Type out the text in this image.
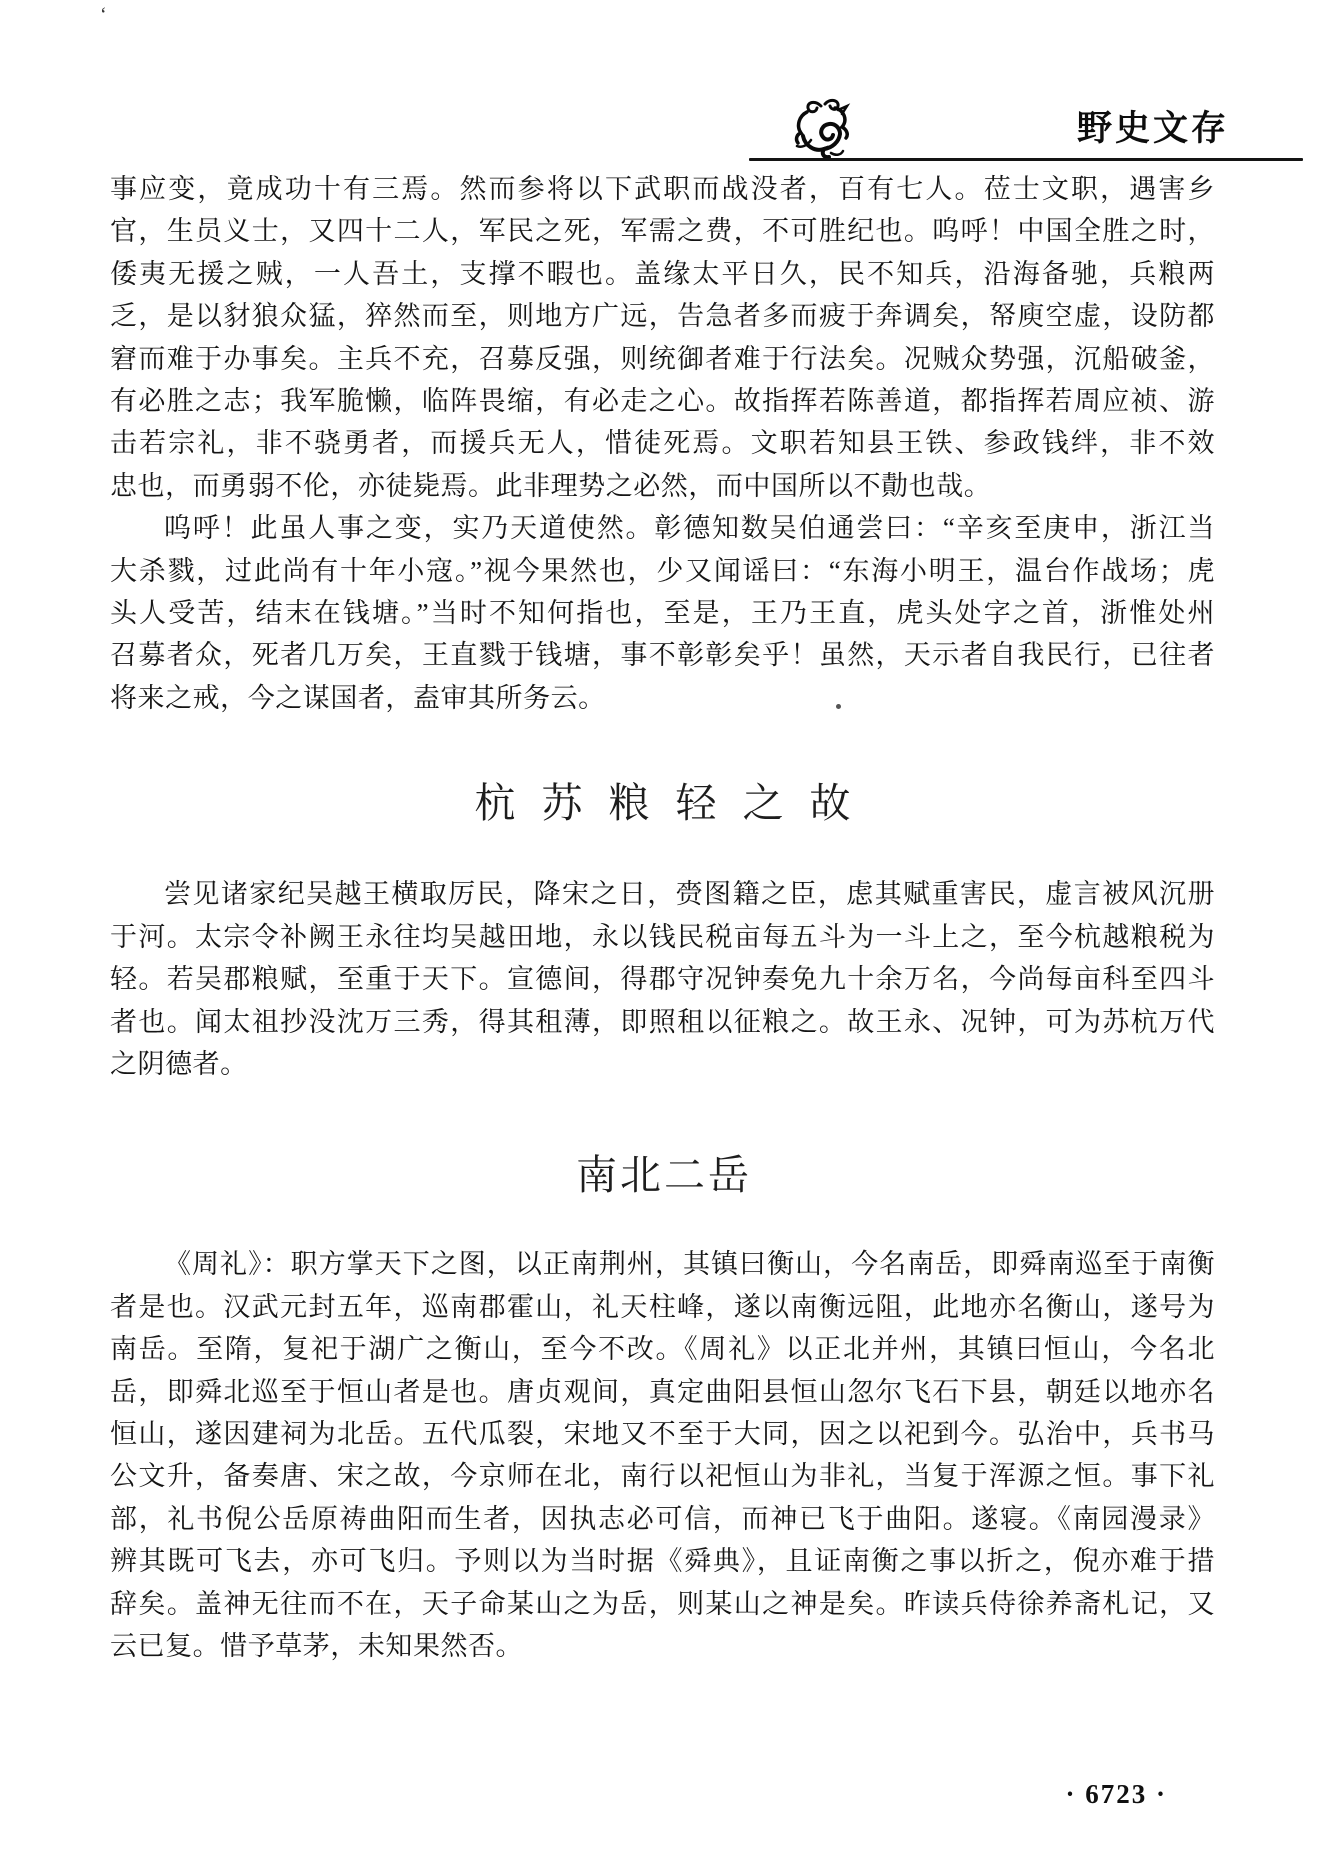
ʻ
野史文存
事应变，竟成功十有三焉。然而参将以下武职而战没者，百有七人。莅士文职，遇害乡
官，生员义士，又四十二人，军民之死，军需之费，不可胜纪也。呜呼！中国全胜之时，
倭夷无援之贼，一人吾土，支撑不暇也。盖缘太平日久，民不知兵，沿海备驰，兵粮两
乏，是以豺狼众猛，猝然而至，则地方广远，告急者多而疲于奔调矣，帑庾空虚，设防都
窘而难于办事矣。主兵不充，召募反强，则统御者难于行法矣。况贼众势强，沉船破釜，
有必胜之志；我军脆懒，临阵畏缩，有必走之心。故指挥若陈善道，都指挥若周应祯、游
击若宗礼，非不骁勇者，而援兵无人，惜徒死焉。文职若知县王铁、参政钱绊，非不效
忠也，而勇弱不伦，亦徒毙焉。此非理势之必然，而中国所以不勣也哉。
呜呼！此虽人事之变，实乃天道使然。彰德知数吴伯通尝曰：“辛亥至庚申，浙江当
大杀戮，过此尚有十年小寇。”视今果然也，少又闻谣曰：“东海小明王，温台作战场；虎
头人受苦，结末在钱塘。”当时不知何指也，至是，王乃王直，虎头处字之首，浙惟处州
召募者众，死者几万矣，王直戮于钱塘，事不彰彰矣乎！虽然，天示者自我民行，已往者
将来之戒，今之谋国者，盍审其所务云。
杭苏粮轻之故
尝见诸家纪吴越王横取厉民，降宋之日，赍图籍之臣，虑其赋重害民，虚言被风沉册
于河。太宗令补阙王永往均吴越田地，永以钱民税亩每五斗为一斗上之，至今杭越粮税为
轻。若吴郡粮赋，至重于天下。宣德间，得郡守况钟奏免九十余万名，今尚每亩科至四斗
者也。闻太祖抄没沈万三秀，得其租薄，即照租以征粮之。故王永、况钟，可为苏杭万代
之阴德者。
南北二岳
《周礼》：职方掌天下之图，以正南荆州，其镇曰衡山，今名南岳，即舜南巡至于南衡
者是也。汉武元封五年，巡南郡霍山，礼天柱峰，遂以南衡远阻，此地亦名衡山，遂号为
南岳。至隋，复祀于湖广之衡山，至今不改。《周礼》以正北并州，其镇曰恒山，今名北
岳，即舜北巡至于恒山者是也。唐贞观间，真定曲阳县恒山忽尔飞石下县，朝廷以地亦名
恒山，遂因建祠为北岳。五代瓜裂，宋地又不至于大同，因之以祀到今。弘治中，兵书马
公文升，备奏唐、宋之故，今京师在北，南行以祀恒山为非礼，当复于浑源之恒。事下礼
部，礼书倪公岳原祷曲阳而生者，因执志必可信，而神已飞于曲阳。遂寝。《南园漫录》
辨其既可飞去，亦可飞归。予则以为当时据《舜典》，且证南衡之事以折之，倪亦难于措
辞矣。盖神无往而不在，天子命某山之为岳，则某山之神是矣。昨读兵侍徐养斋札记，又
云已复。惜予草茅，未知果然否。
· 6723 ·
